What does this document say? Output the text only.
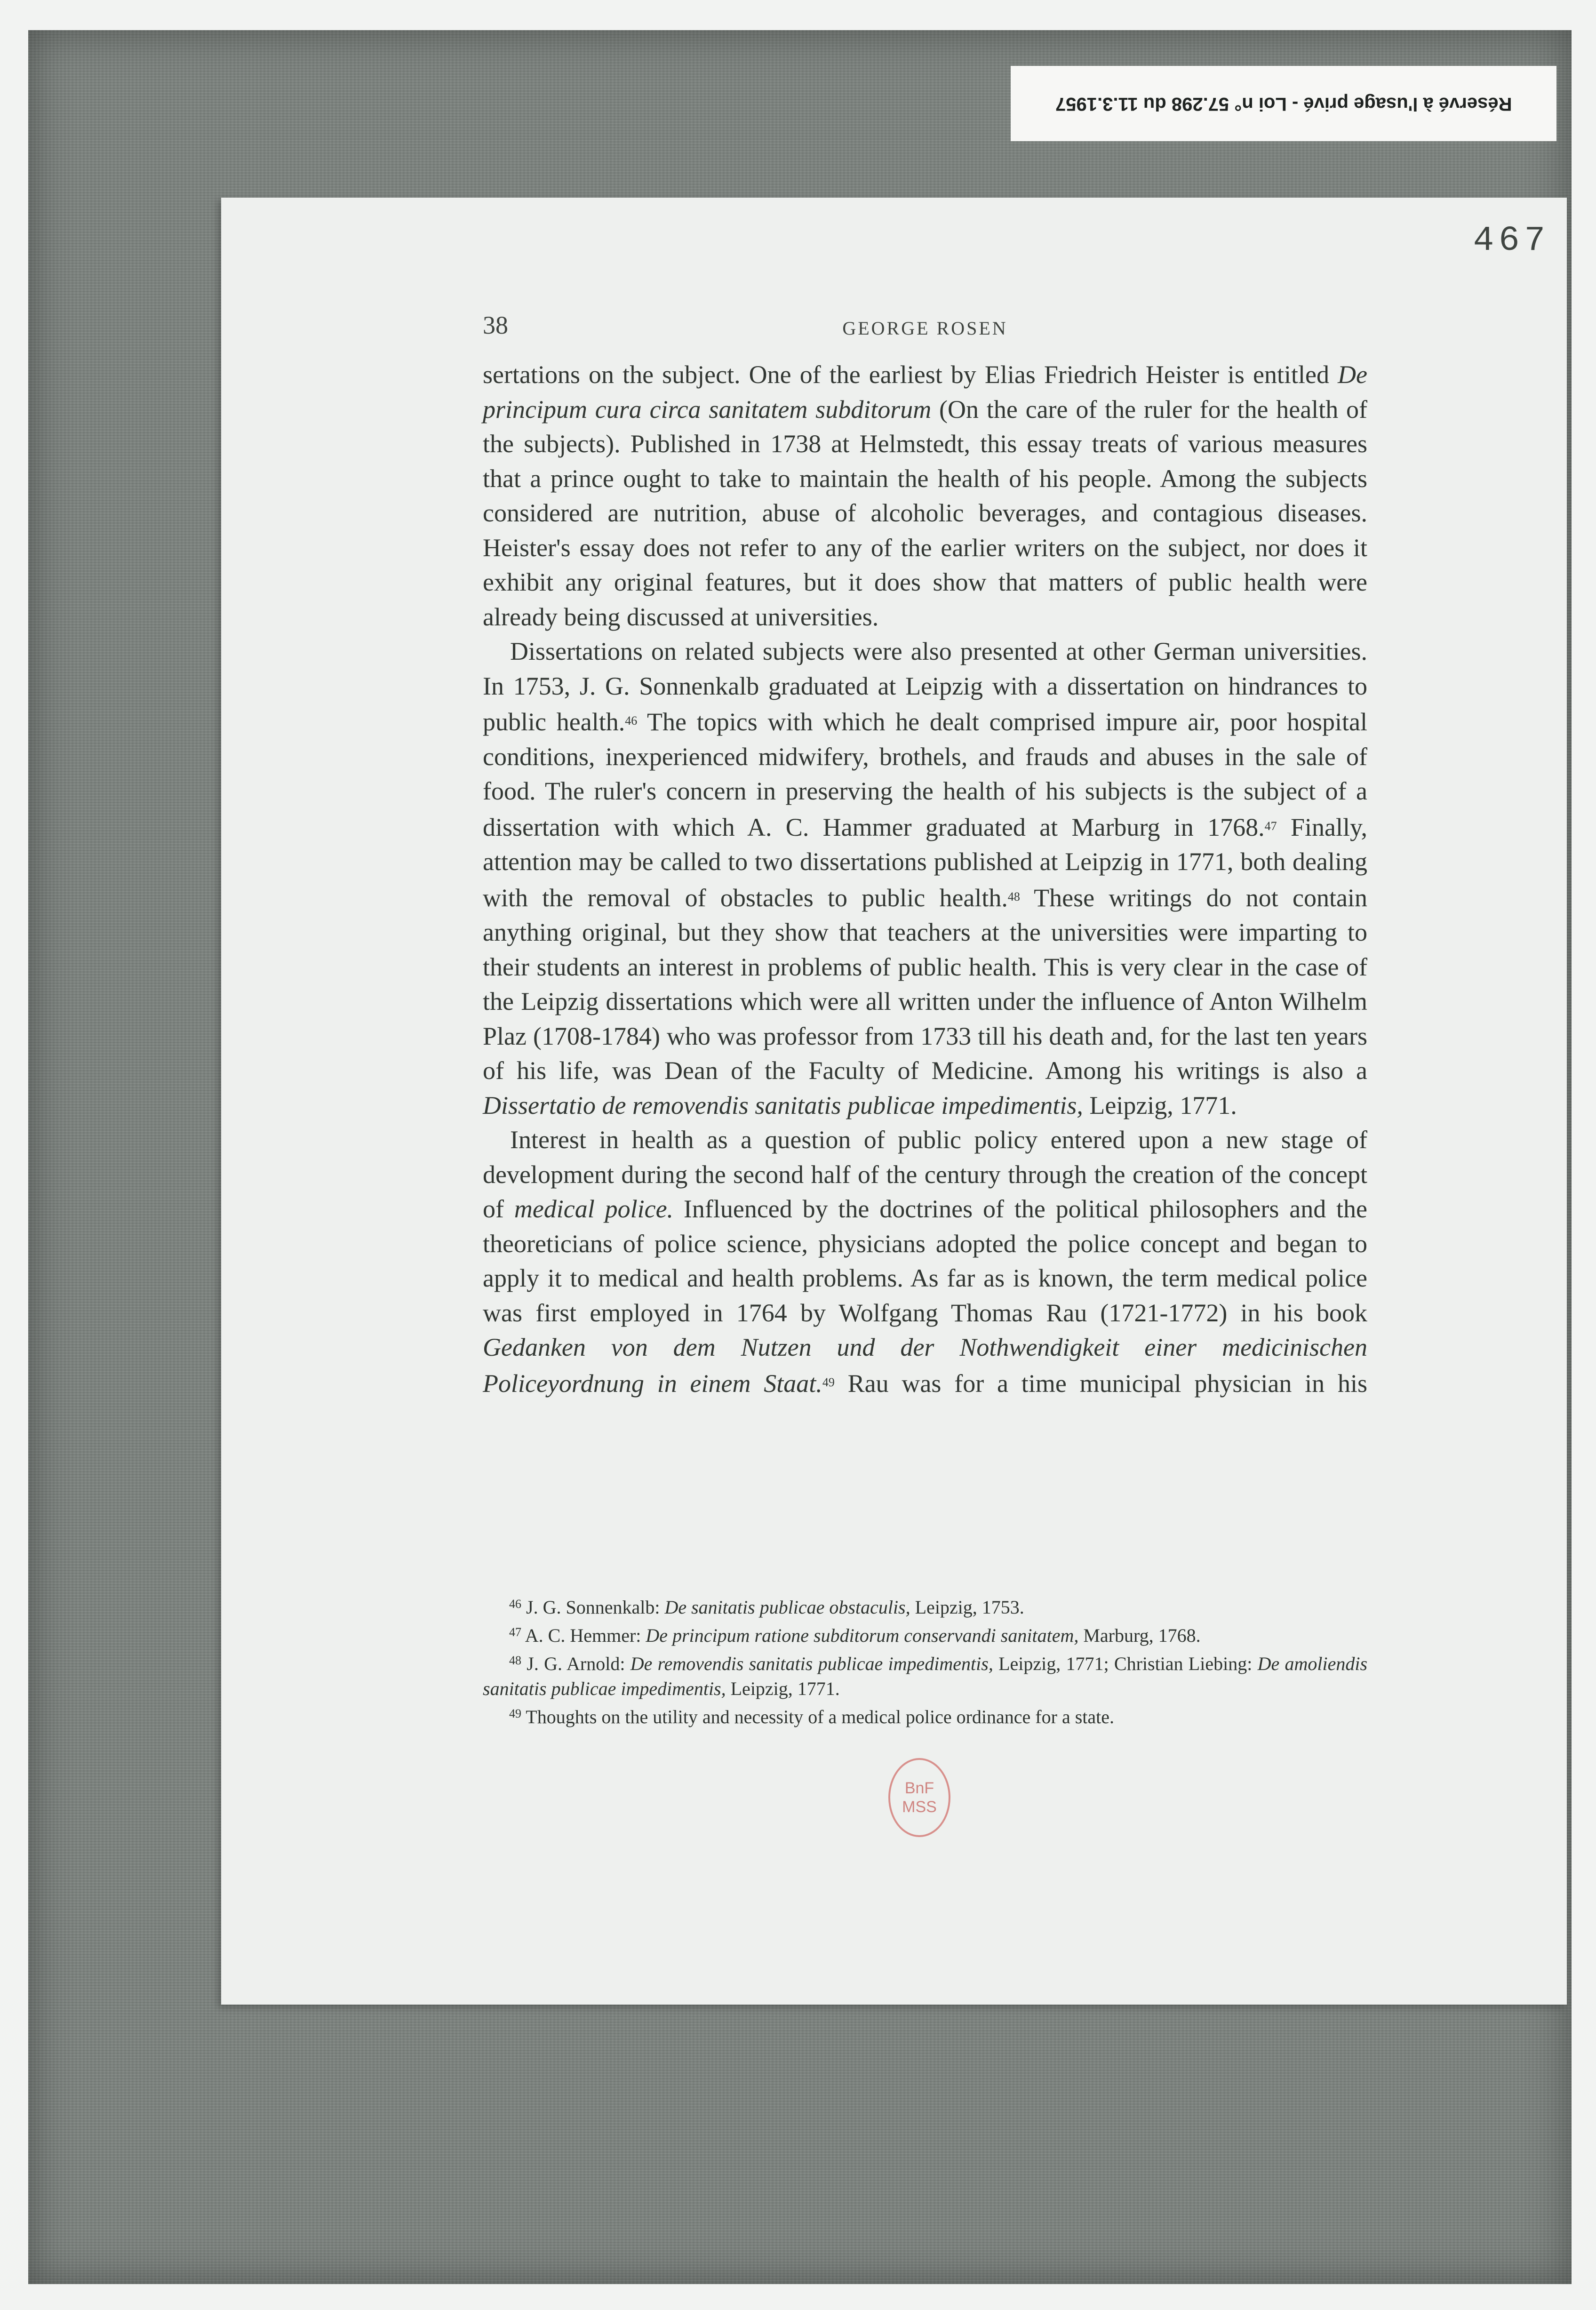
Réservé à l'usage privé - Loi n° 57.298 du 11.3.1957
467
38	GEORGE ROSEN

sertations on the subject. One of the earliest by Elias Friedrich Heister is entitled De principum cura circa sanitatem subditorum (On the care of the ruler for the health of the subjects). Published in 1738 at Helmstedt, this essay treats of various measures that a prince ought to take to maintain the health of his people. Among the subjects considered are nutrition, abuse of alcoholic beverages, and contagious diseases. Heister's essay does not refer to any of the earlier writers on the subject, nor does it exhibit any original features, but it does show that matters of public health were already being discussed at universities.

Dissertations on related subjects were also presented at other German universities. In 1753, J. G. Sonnenkalb graduated at Leipzig with a dissertation on hindrances to public health.$^{46}$ The topics with which he dealt comprised impure air, poor hospital conditions, inexperienced midwifery, brothels, and frauds and abuses in the sale of food. The ruler's concern in preserving the health of his subjects is the subject of a dissertation with which A. C. Hammer graduated at Marburg in 1768.47 Finally, attention may be called to two dissertations published at Leipzig in 1771, both dealing with the removal of obstacles to public health.$^{48}$ These writings do not contain anything original, but they show that teachers at the universities were imparting to their students an interest in problems of public health. This is very clear in the case of the Leipzig dissertations which were all written under the influence of Anton Wilhelm Plaz (1708-1784) who was professor from 1733 till his death and, for the last ten years of his life, was Dean of the Faculty of Medicine. Among his writings is also a Dissertatio de removendis sanitatis publicae impedimentis, Leipzig, 1771.

Interest in health as a question of public policy entered upon a new stage of development during the second half of the century through the creation of the concept of medical police. Influenced by the doctrines of the political philosophers and the theoreticians of police science, physicians adopted the police concept and began to apply it to medical and health problems. As far as is known, the term medical police was first employed in 1764 by Wolfgang Thomas Rau (1721-1772) in his book Gedanken von dem Nutzen und der Nothwendigkeit einer medicinischen Policeyordnung in einem Staat.$^{49}$ Rau was for a time municipal physician in his

$^{46}$ J. G. Sonnenkalb: De sanitatis publicae obstaculis, Leipzig, 1753.
$^{47}$ A. C. Hemmer: De principum ratione subditorum conservandi sanitatem, Marburg, 1768.
$^{48}$ J. G. Arnold: De removendis sanitatis publicae impedimentis, Leipzig, 1771; Christian Liebing: De amoliendis sanitatis publicae impedimentis, Leipzig, 1771.
$^{49}$ Thoughts on the utility and necessity of a medical police ordinance for a state.
BnF
MSS
